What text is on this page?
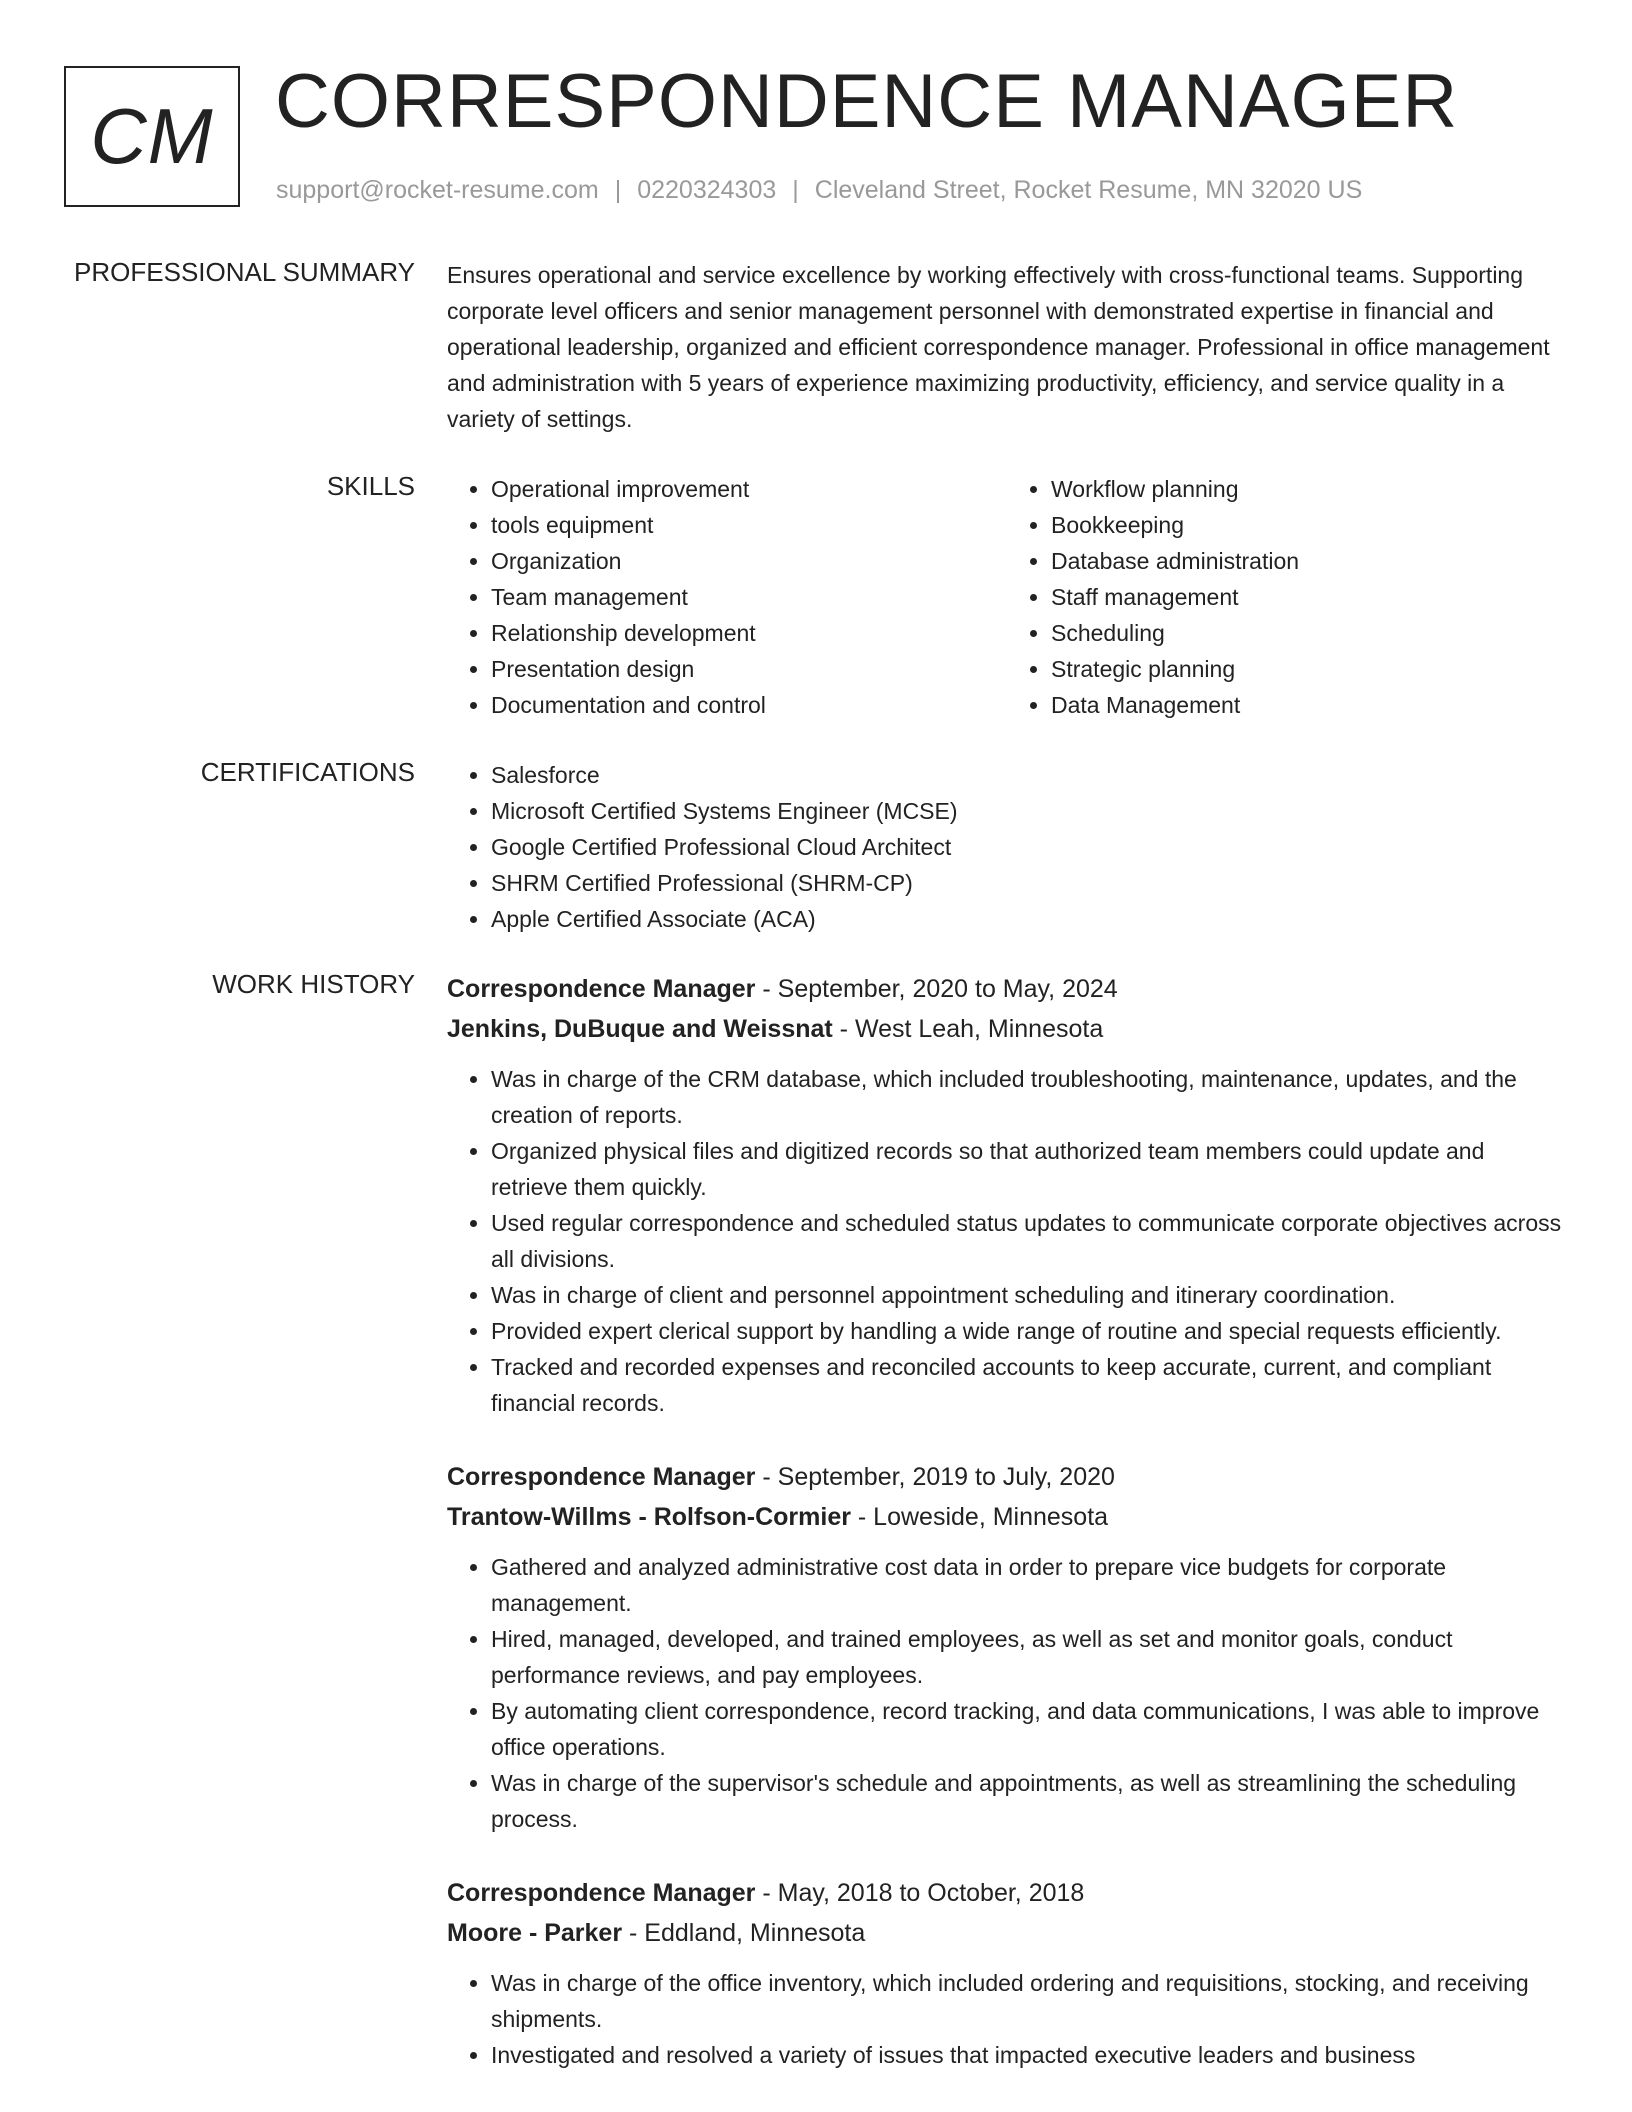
CM CORRESPONDENCE MANAGER
support@rocket-resume.com | 0220324303 | Cleveland Street, Rocket Resume, MN 32020 US
PROFESSIONAL SUMMARY Ensures operational and service excellence by working effectively with cross-functional teams. Supporting corporate level officers and senior management personnel with demonstrated expertise in financial and operational leadership, organized and efficient correspondence manager. Professional in office management and administration with 5 years of experience maximizing productivity, efficiency, and service quality in a variety of settings.

SKILLS	• Operational improvement
• tools equipment
• Organization
• Team management
• Relationship development
• Presentation design
• Documentation and control
• Workflow planning
• Bookkeeping
• Database administration
• Staff management
• Scheduling
• Strategic planning
• Data Management
CERTIFICATIONS	• Salesforce
• Microsoft Certified Systems Engineer (MCSE)
• Google Certified Professional Cloud Architect
• SHRM Certified Professional (SHRM-CP)
• Apple Certified Associate (ACA)
WORK HISTORY Correspondence Manager - September, 2020 to May, 2024
Jenkins, DuBuque and Weissnat - West Leah, Minnesota
• Was in charge of the CRM database, which included troubleshooting, maintenance, updates, and the creation of reports.
• Organized physical files and digitized records so that authorized team members could update and retrieve them quickly.
• Used regular correspondence and scheduled status updates to communicate corporate objectives across all divisions.
• Was in charge of client and personnel appointment scheduling and itinerary coordination.
• Provided expert clerical support by handling a wide range of routine and special requests efficiently.
• Tracked and recorded expenses and reconciled accounts to keep accurate, current, and compliant financial records.
Correspondence Manager - September, 2019 to July, 2020
Trantow-Willms - Rolfson-Cormier - Loweside, Minnesota
• Gathered and analyzed administrative cost data in order to prepare vice budgets for corporate management.
• Hired, managed, developed, and trained employees, as well as set and monitor goals, conduct performance reviews, and pay employees.
• By automating client correspondence, record tracking, and data communications, I was able to improve office operations.
• Was in charge of the supervisor's schedule and appointments, as well as streamlining the scheduling process.
Correspondence Manager - May, 2018 to October, 2018
Moore - Parker - Eddland, Minnesota
• Was in charge of the office inventory, which included ordering and requisitions, stocking, and receiving shipments.
• Investigated and resolved a variety of issues that impacted executive leaders and business
